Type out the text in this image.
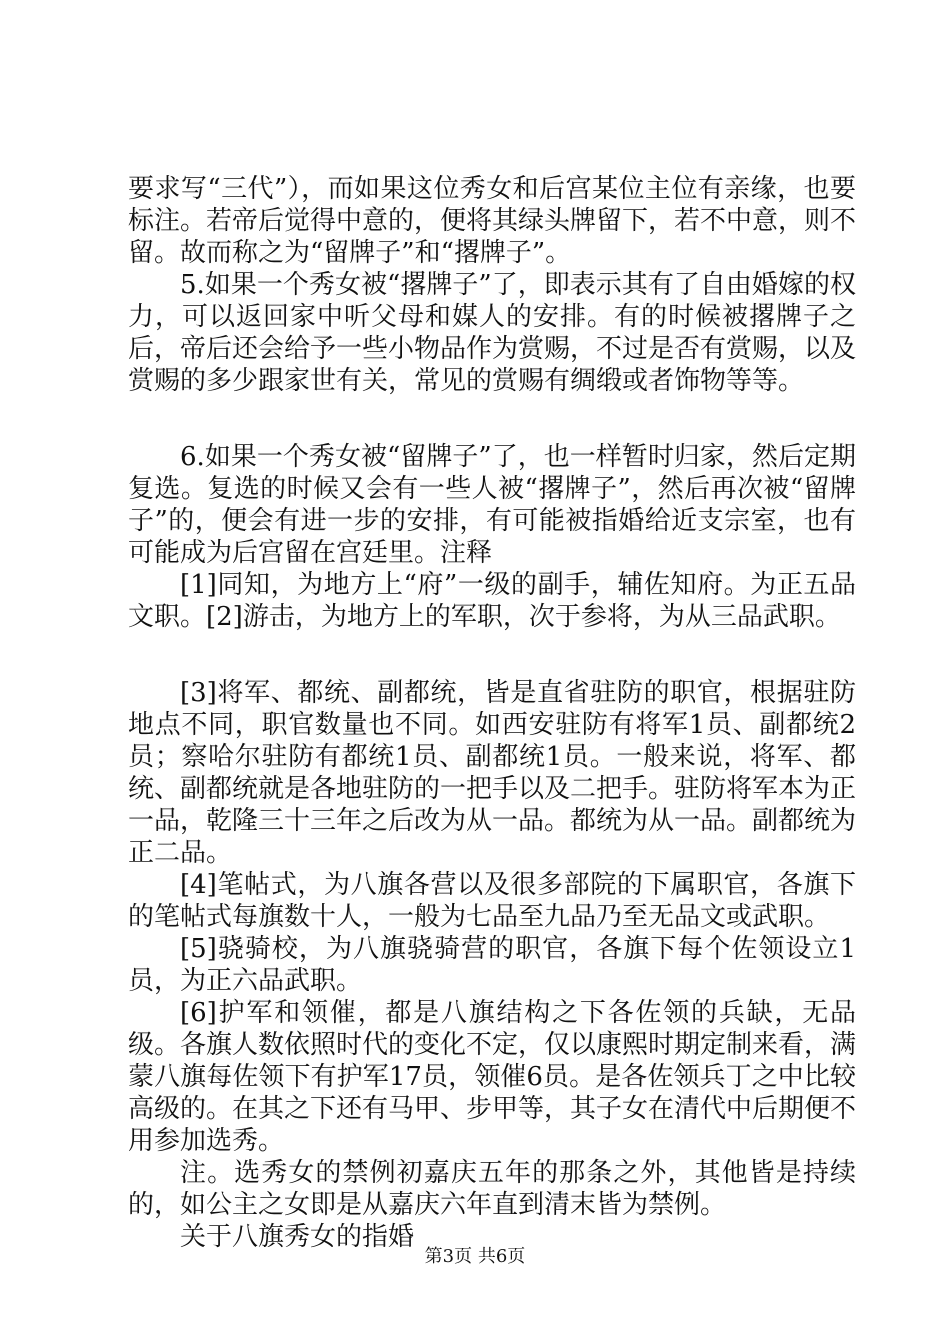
要求写“三代”），而如果这位秀女和后宫某位主位有亲缘，也要标注。若帝后觉得中意的，便将其绿头牌留下，若不中意，则不留。故而称之为“留牌子”和“撂牌子”。

5.如果一个秀女被“撂牌子”了，即表示其有了自由婚嫁的权力，可以返回家中听父母和媒人的安排。有的时候被撂牌子之后，帝后还会给予一些小物品作为赏赐，不过是否有赏赐，以及赏赐的多少跟家世有关，常见的赏赐有绸缎或者饰物等等。

6.如果一个秀女被“留牌子”了，也一样暂时归家，然后定期复选。复选的时候又会有一些人被“撂牌子”，然后再次被“留牌子”的，便会有进一步的安排，有可能被指婚给近支宗室，也有可能成为后宫留在宫廷里。注释

[1]同知，为地方上“府”一级的副手，辅佐知府。为正五品文职。[2]游击，为地方上的军职，次于参将，为从三品武职。

[3]将军、都统、副都统，皆是直省驻防的职官，根据驻防地点不同，职官数量也不同。如西安驻防有将军1员、副都统2员；察哈尔驻防有都统1员、副都统1员。一般来说，将军、都统、副都统就是各地驻防的一把手以及二把手。驻防将军本为正一品，乾隆三十三年之后改为从一品。都统为从一品。副都统为正二品。

[4]笔帖式，为八旗各营以及很多部院的下属职官，各旗下的笔帖式每旗数十人，一般为七品至九品乃至无品文或武职。

[5]骁骑校，为八旗骁骑营的职官，各旗下每个佐领设立1员，为正六品武职。

[6]护军和领催，都是八旗结构之下各佐领的兵缺，无品级。各旗人数依照时代的变化不定，仅以康熙时期定制来看，满蒙八旗每佐领下有护军17员，领催6员。是各佐领兵丁之中比较高级的。在其之下还有马甲、步甲等，其子女在清代中后期便不用参加选秀。

注。选秀女的禁例初嘉庆五年的那条之外，其他皆是持续的，如公主之女即是从嘉庆六年直到清末皆为禁例。

关于八旗秀女的指婚

第3页 共6页
